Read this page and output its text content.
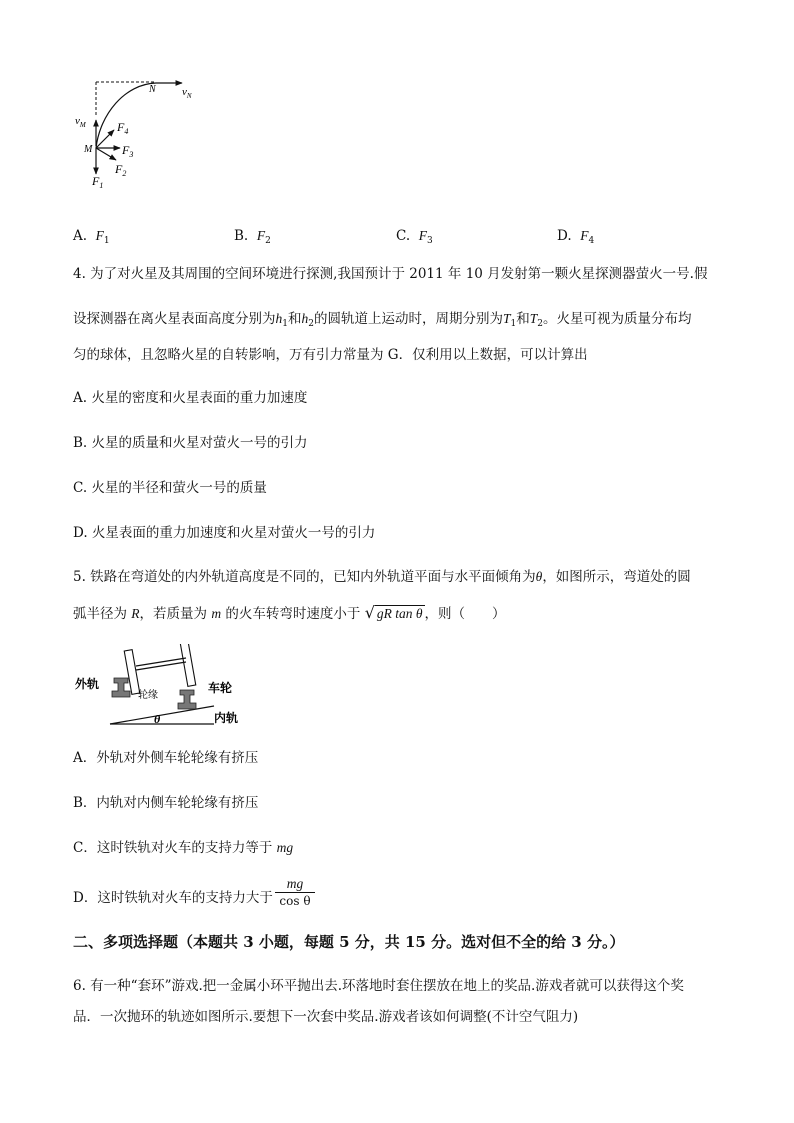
$v_M$
N $v_N$
M
$F_4$
$F_3$
$F_2$
$F_1$
A. $F_1$	B. $F_2$	C. $F_3$	D. $F_4$
4. 为了对火星及其周围的空间环境进行探测,我国预计于 2011 年 10 月发射第一颗火星探测器萤火一号.假
设探测器在离火星表面高度分别为$h_1$和$h_2$的圆轨道上运动时，周期分别为$T_1$和$T_2$。火星可视为质量分布均
匀的球体，且忽略火星的自转影响，万有引力常量为 G．仅利用以上数据，可以计算出
A. 火星的密度和火星表面的重力加速度
B. 火星的质量和火星对萤火一号的引力
C. 火星的半径和萤火一号的质量
D. 火星表面的重力加速度和火星对萤火一号的引力
5. 铁路在弯道处的内外轨道高度是不同的，已知内外轨道平面与水平面倾角为θ，如图所示，弯道处的圆
弧半径为 R，若质量为 m 的火车转弯时速度小于 √ gR tan θ ，则（　　）
外轨
轮缘
车轮
内轨
θ
A．外轨对外侧车轮轮缘有挤压
B．内轨对内侧车轮轮缘有挤压
C．这时铁轨对火车的支持力等于 mg
D．这时铁轨对火车的支持力大于
mg
cos θ
二、多项选择题（本题共 3 小题，每题 5 分，共 15 分。选对但不全的给 3 分。）
6. 有一种“套环”游戏.把一金属小环平抛出去.环落地时套住摆放在地上的奖品.游戏者就可以获得这个奖
品．一次抛环的轨迹如图所示.要想下一次套中奖品.游戏者该如何调整(不计空气阻力)
